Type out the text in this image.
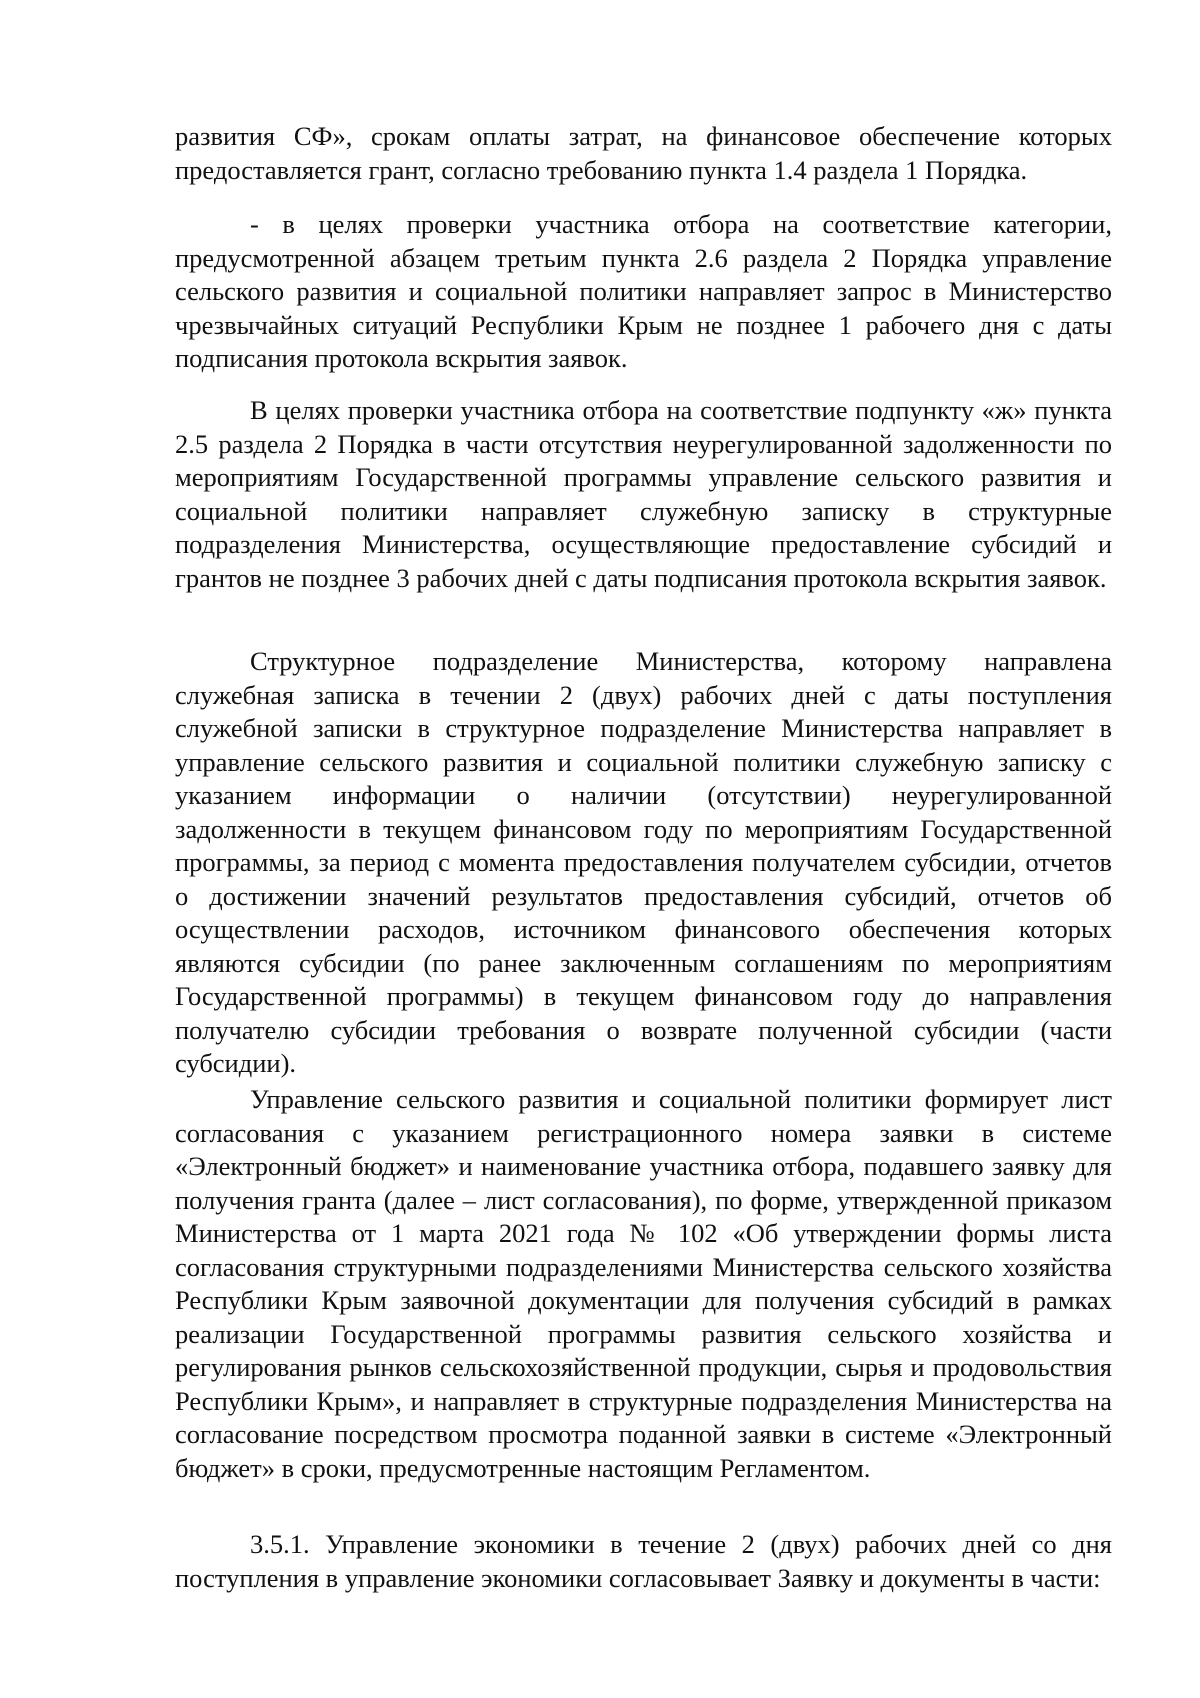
развития СФ», срокам оплаты затрат, на финансовое обеспечение которых предоставляется грант, согласно требованию пункта 1.4 раздела 1 Порядка.

- в целях проверки участника отбора на соответствие категории, предусмотренной абзацем третьим пункта 2.6 раздела 2 Порядка управление сельского развития и социальной политики направляет запрос в Министерство чрезвычайных ситуаций Республики Крым не позднее 1 рабочего дня с даты подписания протокола вскрытия заявок.

В целях проверки участника отбора на соответствие подпункту «ж» пункта 2.5 раздела 2 Порядка в части отсутствия неурегулированной задолженности по мероприятиям Государственной программы управление сельского развития и социальной политики направляет служебную записку в структурные подразделения Министерства, осуществляющие предоставление субсидий и грантов не позднее 3 рабочих дней с даты подписания протокола вскрытия заявок.

Структурное подразделение Министерства, которому направлена служебная записка в течении 2 (двух) рабочих дней с даты поступления служебной записки в структурное подразделение Министерства направляет в управление сельского развития и социальной политики служебную записку с указанием информации о наличии (отсутствии) неурегулированной задолженности в текущем финансовом году по мероприятиям Государственной программы, за период с момента предоставления получателем субсидии, отчетов о достижении значений результатов предоставления субсидий, отчетов об осуществлении расходов, источником финансового обеспечения которых являются субсидии (по ранее заключенным соглашениям по мероприятиям Государственной программы) в текущем финансовом году до направления получателю субсидии требования о возврате полученной субсидии (части субсидии).

Управление сельского развития и социальной политики формирует лист согласования с указанием регистрационного номера заявки в системе «Электронный бюджет» и наименование участника отбора, подавшего заявку для получения гранта (далее – лист согласования), по форме, утвержденной приказом Министерства от 1 марта 2021 года № 102 «Об утверждении формы листа согласования структурными подразделениями Министерства сельского хозяйства Республики Крым заявочной документации для получения субсидий в рамках реализации Государственной программы развития сельского хозяйства и регулирования рынков сельскохозяйственной продукции, сырья и продовольствия Республики Крым», и направляет в структурные подразделения Министерства на согласование посредством просмотра поданной заявки в системе «Электронный бюджет» в сроки, предусмотренные настоящим Регламентом.

3.5.1. Управление экономики в течение 2 (двух) рабочих дней со дня поступления в управление экономики согласовывает Заявку и документы в части:
